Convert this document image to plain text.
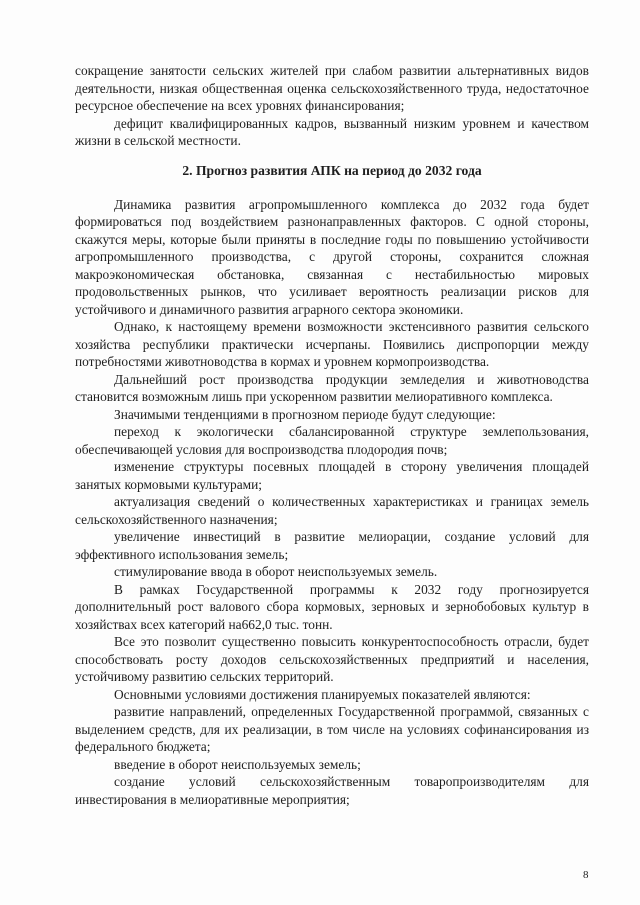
сокращение занятости сельских жителей при слабом развитии альтернативных видов деятельности, низкая общественная оценка сельскохозяйственного труда, недостаточное ресурсное обеспечение на всех уровнях финансирования;

дефицит квалифицированных кадров, вызванный низким уровнем и качеством жизни в сельской местности.

2. Прогноз развития АПК на период до 2032 года

Динамика развития агропромышленного комплекса до 2032 года будет формироваться под воздействием разнонаправленных факторов. С одной стороны, скажутся меры, которые были приняты в последние годы по повышению устойчивости агропромышленного производства, с другой стороны, сохранится сложная макроэкономическая обстановка, связанная с нестабильностью мировых продовольственных рынков, что усиливает вероятность реализации рисков для устойчивого и динамичного развития аграрного сектора экономики.

Однако, к настоящему времени возможности экстенсивного развития сельского хозяйства республики практически исчерпаны. Появились диспропорции между потребностями животноводства в кормах и уровнем кормопроизводства.

Дальнейший рост производства продукции земледелия и животноводства становится возможным лишь при ускоренном развитии мелиоративного комплекса.

Значимыми тенденциями в прогнозном периоде будут следующие:

переход к экологически сбалансированной структуре землепользования, обеспечивающей условия для воспроизводства плодородия почв;

изменение структуры посевных площадей в сторону увеличения площадей занятых кормовыми культурами;

актуализация сведений о количественных характеристиках и границах земель сельскохозяйственного назначения;

увеличение инвестиций в развитие мелиорации, создание условий для эффективного использования земель;

стимулирование ввода в оборот неиспользуемых земель.

В рамках Государственной программы к 2032 году прогнозируется дополнительный рост валового сбора кормовых, зерновых и зернобобовых культур в хозяйствах всех категорий на662,0 тыс. тонн.

Все это позволит существенно повысить конкурентоспособность отрасли, будет способствовать росту доходов сельскохозяйственных предприятий и населения, устойчивому развитию сельских территорий.

Основными условиями достижения планируемых показателей являются:

развитие направлений, определенных Государственной программой, связанных с выделением средств, для их реализации, в том числе на условиях софинансирования из федерального бюджета;

введение в оборот неиспользуемых земель;

создание условий сельскохозяйственным товаропроизводителям для инвестирования в мелиоративные мероприятия;

8
